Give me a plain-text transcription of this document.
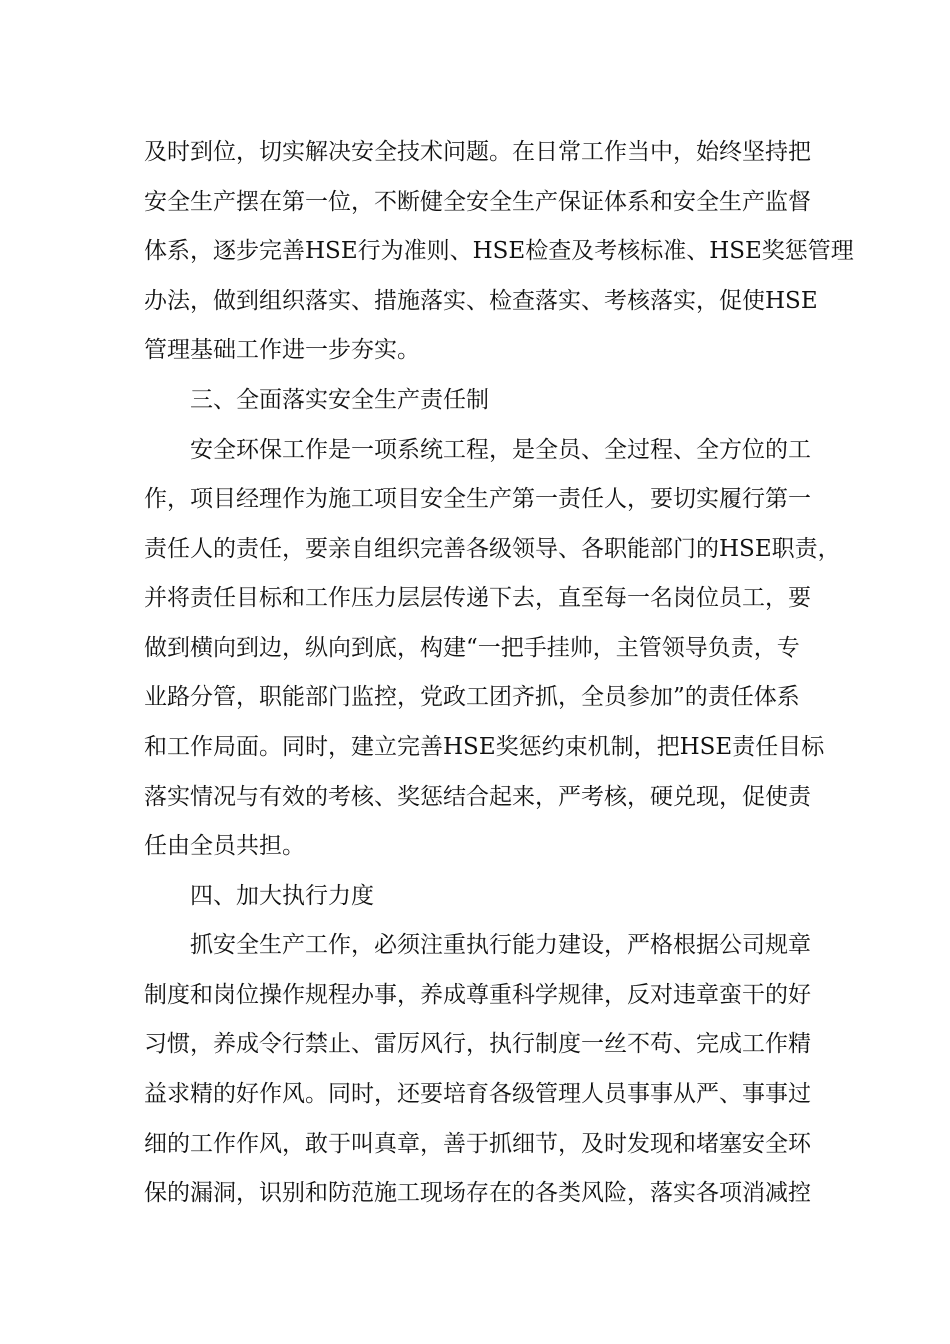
及时到位，切实解决安全技术问题。在日常工作当中，始终坚持把
安全生产摆在第一位，不断健全安全生产保证体系和安全生产监督
体系，逐步完善HSE行为准则、HSE检查及考核标准、HSE奖惩管理
办法，做到组织落实、措施落实、检查落实、考核落实，促使HSE
管理基础工作进一步夯实。
三、全面落实安全生产责任制
安全环保工作是一项系统工程，是全员、全过程、全方位的工
作，项目经理作为施工项目安全生产第一责任人，要切实履行第一
责任人的责任，要亲自组织完善各级领导、各职能部门的HSE职责，
并将责任目标和工作压力层层传递下去，直至每一名岗位员工，要
做到横向到边，纵向到底，构建“一把手挂帅，主管领导负责，专
业路分管，职能部门监控，党政工团齐抓，全员参加”的责任体系
和工作局面。同时，建立完善HSE奖惩约束机制，把HSE责任目标
落实情况与有效的考核、奖惩结合起来，严考核，硬兑现，促使责
任由全员共担。
四、加大执行力度
抓安全生产工作，必须注重执行能力建设，严格根据公司规章
制度和岗位操作规程办事，养成尊重科学规律，反对违章蛮干的好
习惯，养成令行禁止、雷厉风行，执行制度一丝不苟、完成工作精
益求精的好作风。同时，还要培育各级管理人员事事从严、事事过
细的工作作风，敢于叫真章，善于抓细节，及时发现和堵塞安全环
保的漏洞，识别和防范施工现场存在的各类风险，落实各项消减控
